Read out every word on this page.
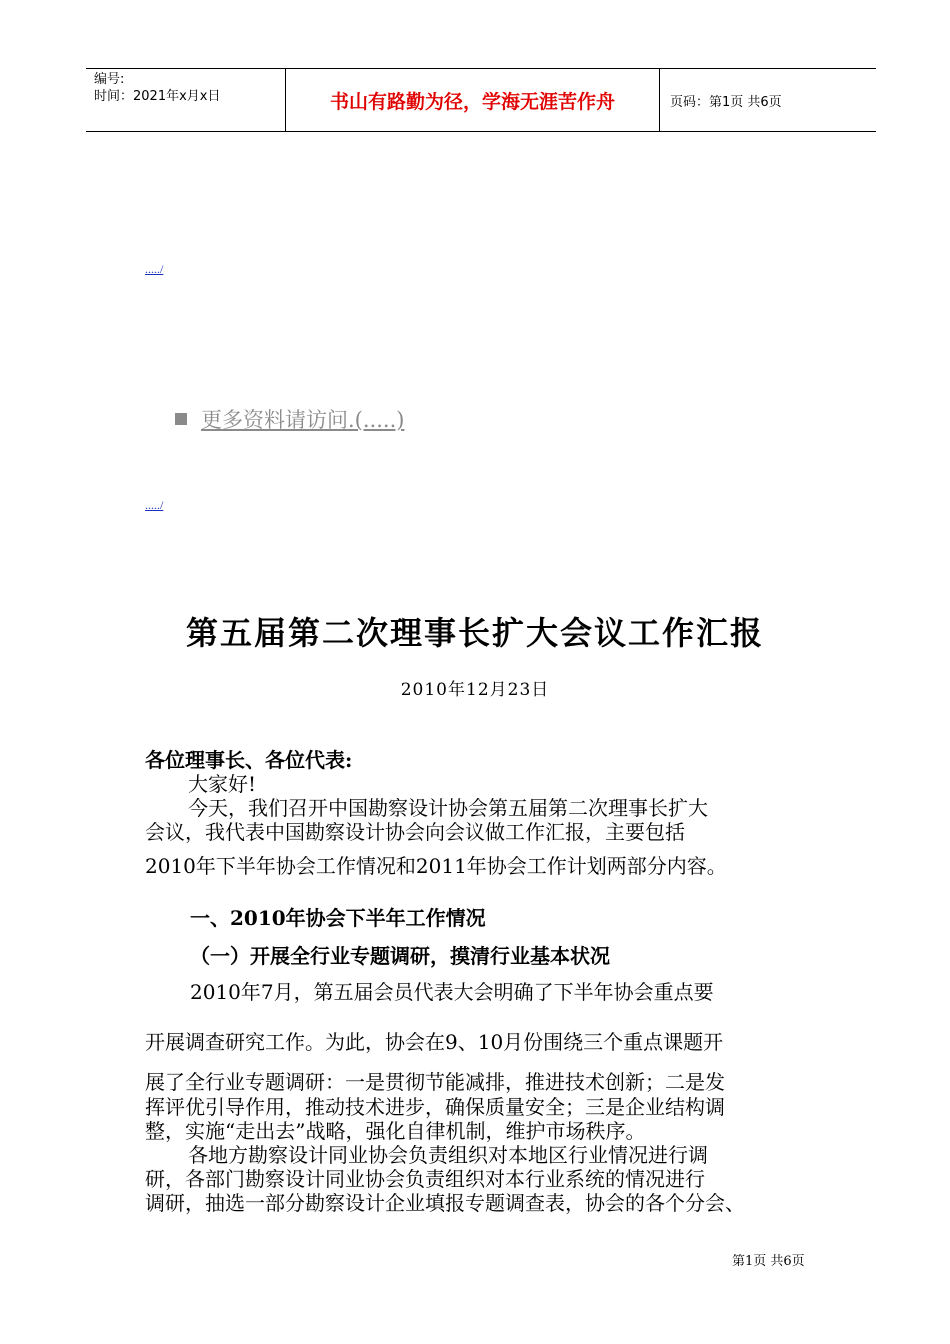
编号:
时间：2021年x月x日	书山有路勤为径，学海无涯苦作舟	页码：第1页 共6页
...../
更多资料请访问.(.....)
...../
第五届第二次理事长扩大会议工作汇报
2010年12月23日

各位理事长、各位代表:

大家好!

今天，我们召开中国勘察设计协会第五届第二次理事长扩大

会议，我代表中国勘察设计协会向会议做工作汇报，主要包括

2010年下半年协会工作情况和2011年协会工作计划两部分内容。

一、2010年协会下半年工作情况

（一）开展全行业专题调研，摸清行业基本状况

2010年7月，第五届会员代表大会明确了下半年协会重点要

开展调查研究工作。为此，协会在9、10月份围绕三个重点课题开

展了全行业专题调研：一是贯彻节能减排，推进技术创新；二是发

挥评优引导作用，推动技术进步，确保质量安全；三是企业结构调

整，实施“走出去”战略，强化自律机制，维护市场秩序。

各地方勘察设计同业协会负责组织对本地区行业情况进行调

研，各部门勘察设计同业协会负责组织对本行业系统的情况进行

调研，抽选一部分勘察设计企业填报专题调查表，协会的各个分会、

第1页 共6页
